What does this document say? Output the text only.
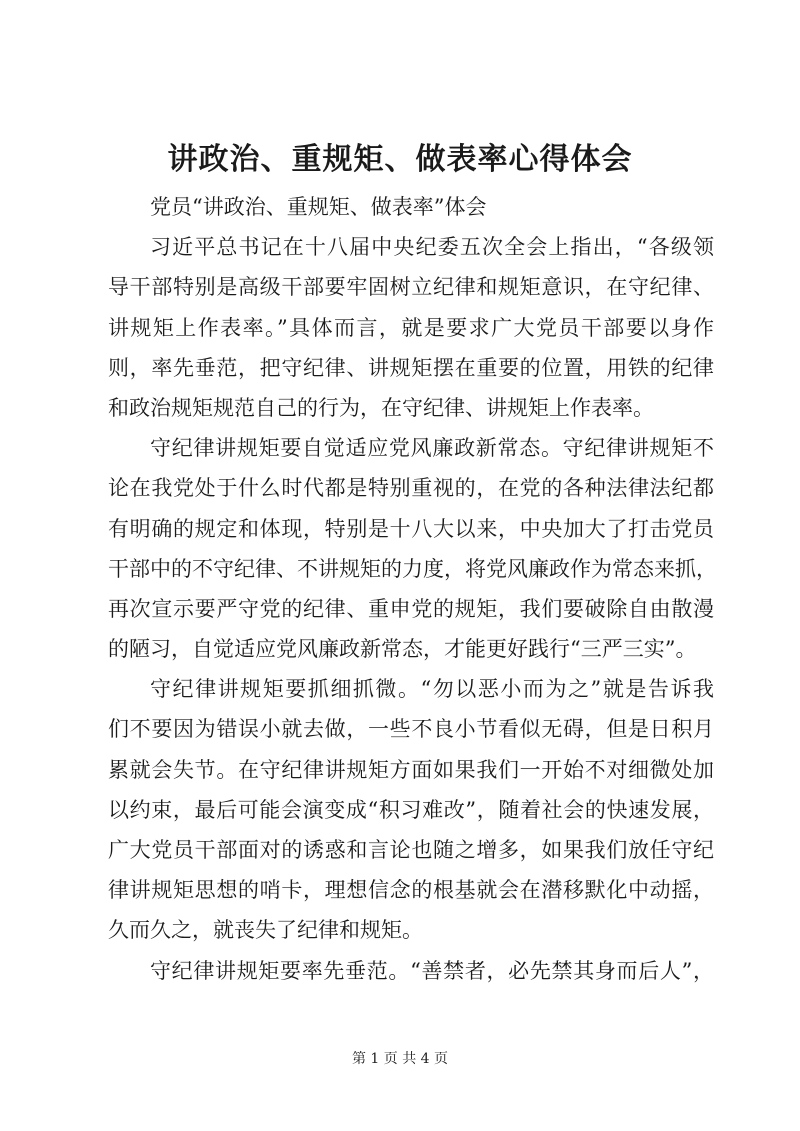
讲政治、重规矩、做表率心得体会
党员“讲政治、重规矩、做表率”体会
习近平总书记在十八届中央纪委五次全会上指出，“各级领
导干部特别是高级干部要牢固树立纪律和规矩意识，在守纪律、
讲规矩上作表率。”具体而言，就是要求广大党员干部要以身作
则，率先垂范，把守纪律、讲规矩摆在重要的位置，用铁的纪律
和政治规矩规范自己的行为，在守纪律、讲规矩上作表率。
守纪律讲规矩要自觉适应党风廉政新常态。守纪律讲规矩不
论在我党处于什么时代都是特别重视的，在党的各种法律法纪都
有明确的规定和体现，特别是十八大以来，中央加大了打击党员
干部中的不守纪律、不讲规矩的力度，将党风廉政作为常态来抓，
再次宣示要严守党的纪律、重申党的规矩，我们要破除自由散漫
的陋习，自觉适应党风廉政新常态，才能更好践行“三严三实”。
守纪律讲规矩要抓细抓微。“勿以恶小而为之”就是告诉我
们不要因为错误小就去做，一些不良小节看似无碍，但是日积月
累就会失节。在守纪律讲规矩方面如果我们一开始不对细微处加
以约束，最后可能会演变成“积习难改”，随着社会的快速发展，
广大党员干部面对的诱惑和言论也随之增多，如果我们放任守纪
律讲规矩思想的哨卡，理想信念的根基就会在潜移默化中动摇，
久而久之，就丧失了纪律和规矩。
守纪律讲规矩要率先垂范。“善禁者，必先禁其身而后人”，
第 1 页 共 4 页
